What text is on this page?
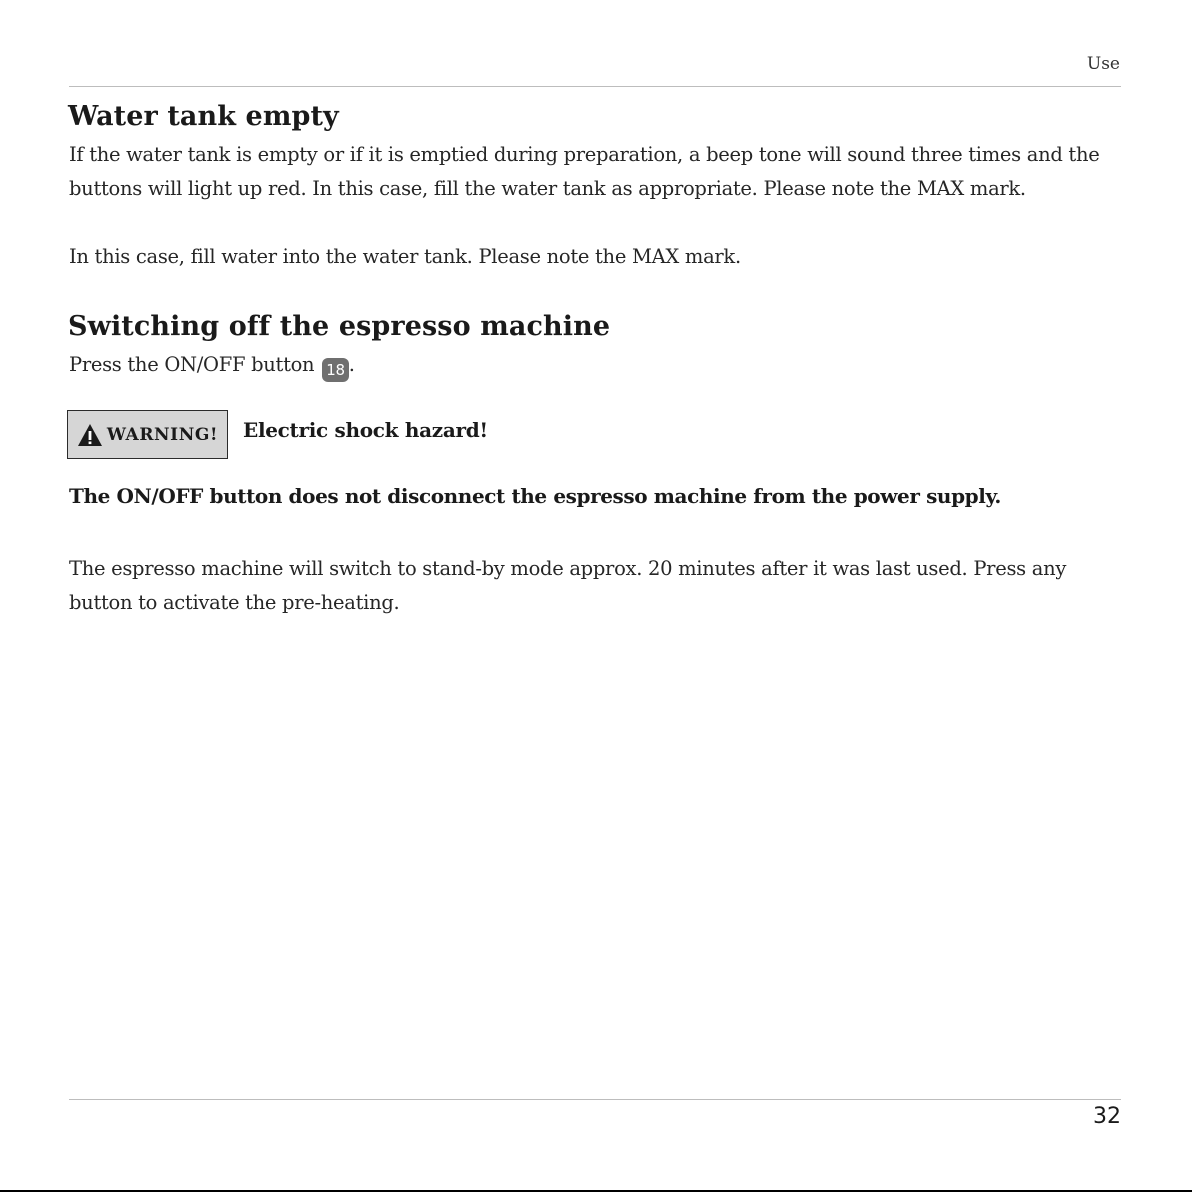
Use
Water tank empty

If the water tank is empty or if it is emptied during preparation, a beep tone will sound three times and the buttons will light up red. In this case, fill the water tank as appropriate. Please note the MAX mark.

In this case, fill water into the water tank. Please note the MAX mark.

Switching off the espresso machine

Press the ON/OFF button 18 .

WARNING! Electric shock hazard!

The ON/OFF button does not disconnect the espresso machine from the power supply.

The espresso machine will switch to stand-by mode approx. 20 minutes after it was last used. Press any button to activate the pre-heating.

32
